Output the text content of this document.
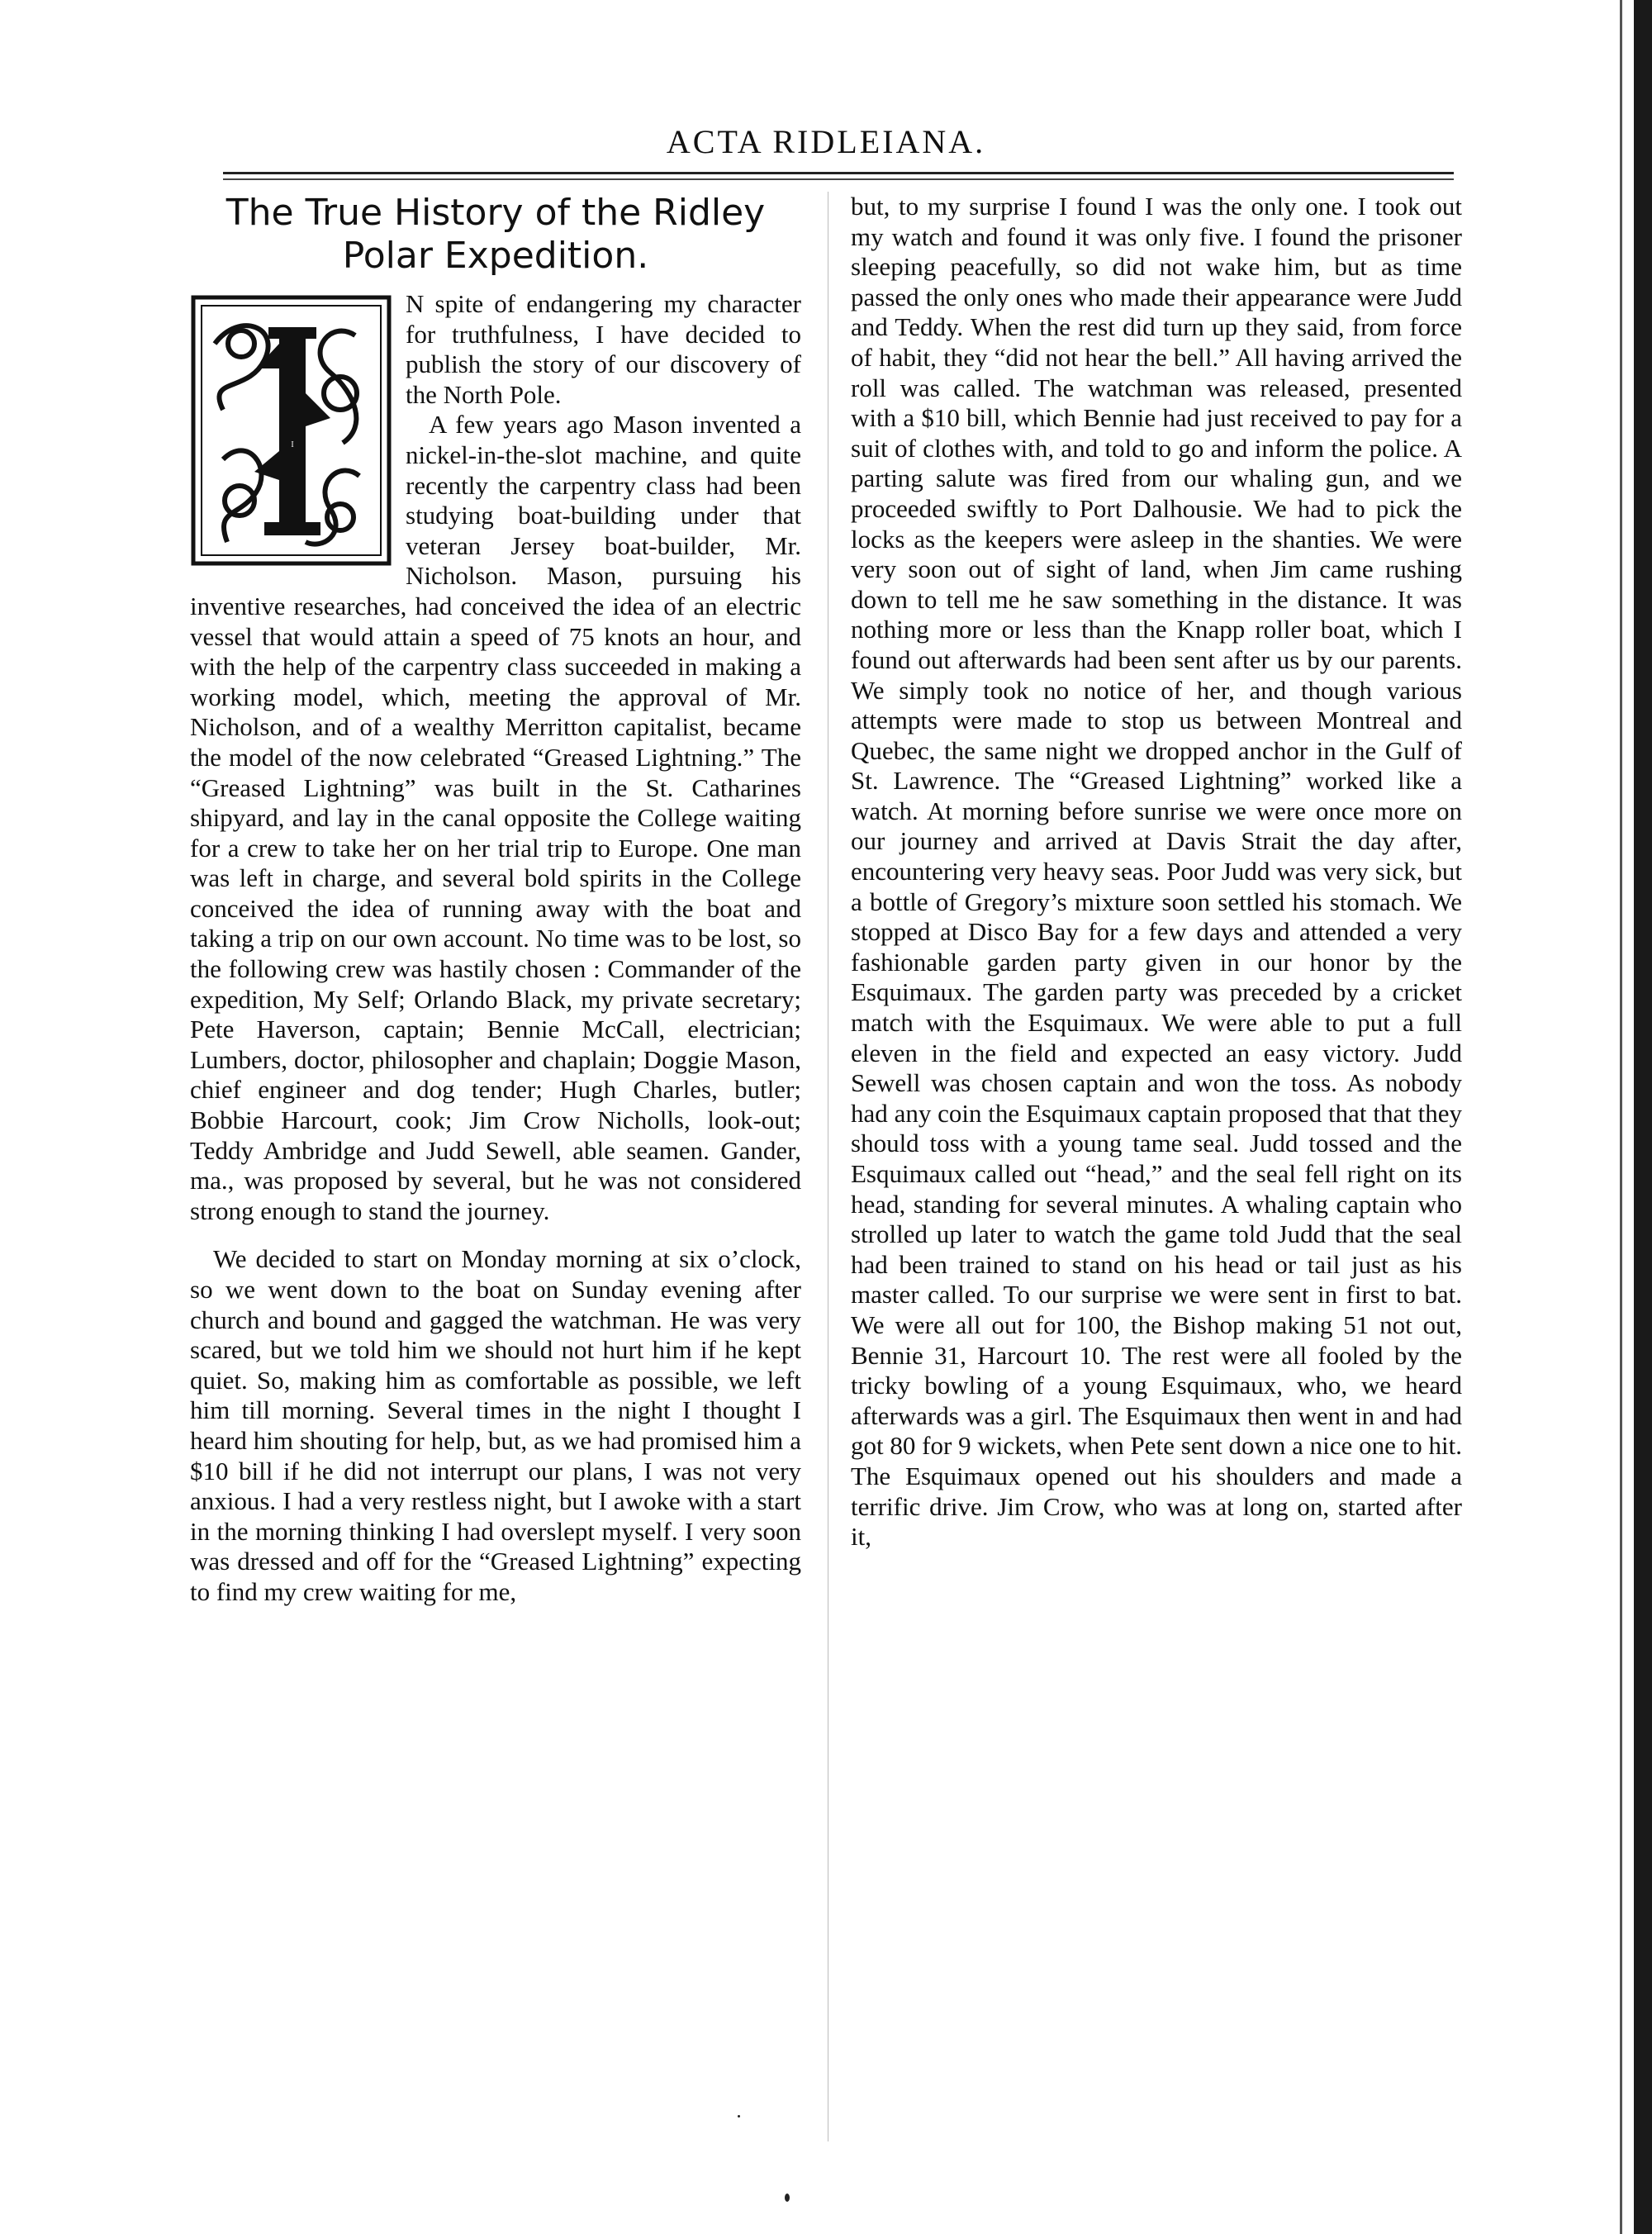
ACTA RIDLEIANA.
The True History of the Ridley Polar Expedition.
I

N spite of endangering my character for truthfulness, I have decided to publish the story of our discovery of the North Pole.

A few years ago Mason invented a nickel-in-the-slot machine, and quite recently the carpentry class had been studying boat-building under that veteran Jersey boat-builder, Mr. Nicholson. Mason, pursuing his inventive researches, had conceived the idea of an electric vessel that would attain a speed of 75 knots an hour, and with the help of the carpentry class succeeded in making a working model, which, meeting the approval of Mr. Nicholson, and of a wealthy Merritton capitalist, became the model of the now celebrated “Greased Lightning.” The “Greased Lightning” was built in the St. Catharines shipyard, and lay in the canal opposite the College waiting for a crew to take her on her trial trip to Europe. One man was left in charge, and several bold spirits in the College conceived the idea of running away with the boat and taking a trip on our own account. No time was to be lost, so the following crew was hastily chosen : Commander of the expedition, My Self; Orlando Black, my private secretary; Pete Haverson, captain; Bennie McCall, electrician; Lumbers, doctor, philosopher and chaplain; Doggie Mason, chief engineer and dog tender; Hugh Charles, butler; Bobbie Harcourt, cook; Jim Crow Nicholls, look-out; Teddy Ambridge and Judd Sewell, able seamen. Gander, ma., was proposed by several, but he was not considered strong enough to stand the journey.

We decided to start on Monday morning at six o’clock, so we went down to the boat on Sunday evening after church and bound and gagged the watchman. He was very scared, but we told him we should not hurt him if he kept quiet. So, making him as comfortable as possible, we left him till morning. Several times in the night I thought I heard him shouting for help, but, as we had promised him a $10 bill if he did not interrupt our plans, I was not very anxious. I had a very restless night, but I awoke with a start in the morning thinking I had overslept myself. I very soon was dressed and off for the “Greased Lightning” expecting to find my crew waiting for me,

but, to my surprise I found I was the only one. I took out my watch and found it was only five. I found the prisoner sleeping peacefully, so did not wake him, but as time passed the only ones who made their appearance were Judd and Teddy. When the rest did turn up they said, from force of habit, they “did not hear the bell.” All having arrived the roll was called. The watchman was released, presented with a $10 bill, which Bennie had just received to pay for a suit of clothes with, and told to go and inform the police. A parting salute was fired from our whaling gun, and we proceeded swiftly to Port Dalhousie. We had to pick the locks as the keepers were asleep in the shanties. We were very soon out of sight of land, when Jim came rushing down to tell me he saw something in the distance. It was nothing more or less than the Knapp roller boat, which I found out afterwards had been sent after us by our parents. We simply took no notice of her, and though various attempts were made to stop us between Montreal and Quebec, the same night we dropped anchor in the Gulf of St. Lawrence. The “Greased Lightning” worked like a watch. At morning before sunrise we were once more on our journey and arrived at Davis Strait the day after, encountering very heavy seas. Poor Judd was very sick, but a bottle of Gregory’s mixture soon settled his stomach. We stopped at Disco Bay for a few days and attended a very fashionable garden party given in our honor by the Esquimaux. The garden party was preceded by a cricket match with the Esquimaux. We were able to put a full eleven in the field and expected an easy victory. Judd Sewell was chosen captain and won the toss. As nobody had any coin the Esquimaux captain proposed that that they should toss with a young tame seal. Judd tossed and the Esquimaux called out “head,” and the seal fell right on its head, standing for several minutes. A whaling captain who strolled up later to watch the game told Judd that the seal had been trained to stand on his head or tail just as his master called. To our surprise we were sent in first to bat. We were all out for 100, the Bishop making 51 not out, Bennie 31, Harcourt 10. The rest were all fooled by the tricky bowling of a young Esquimaux, who, we heard afterwards was a girl. The Esquimaux then went in and had got 80 for 9 wickets, when Pete sent down a nice one to hit. The Esquimaux opened out his shoulders and made a terrific drive. Jim Crow, who was at long on, started after it,
